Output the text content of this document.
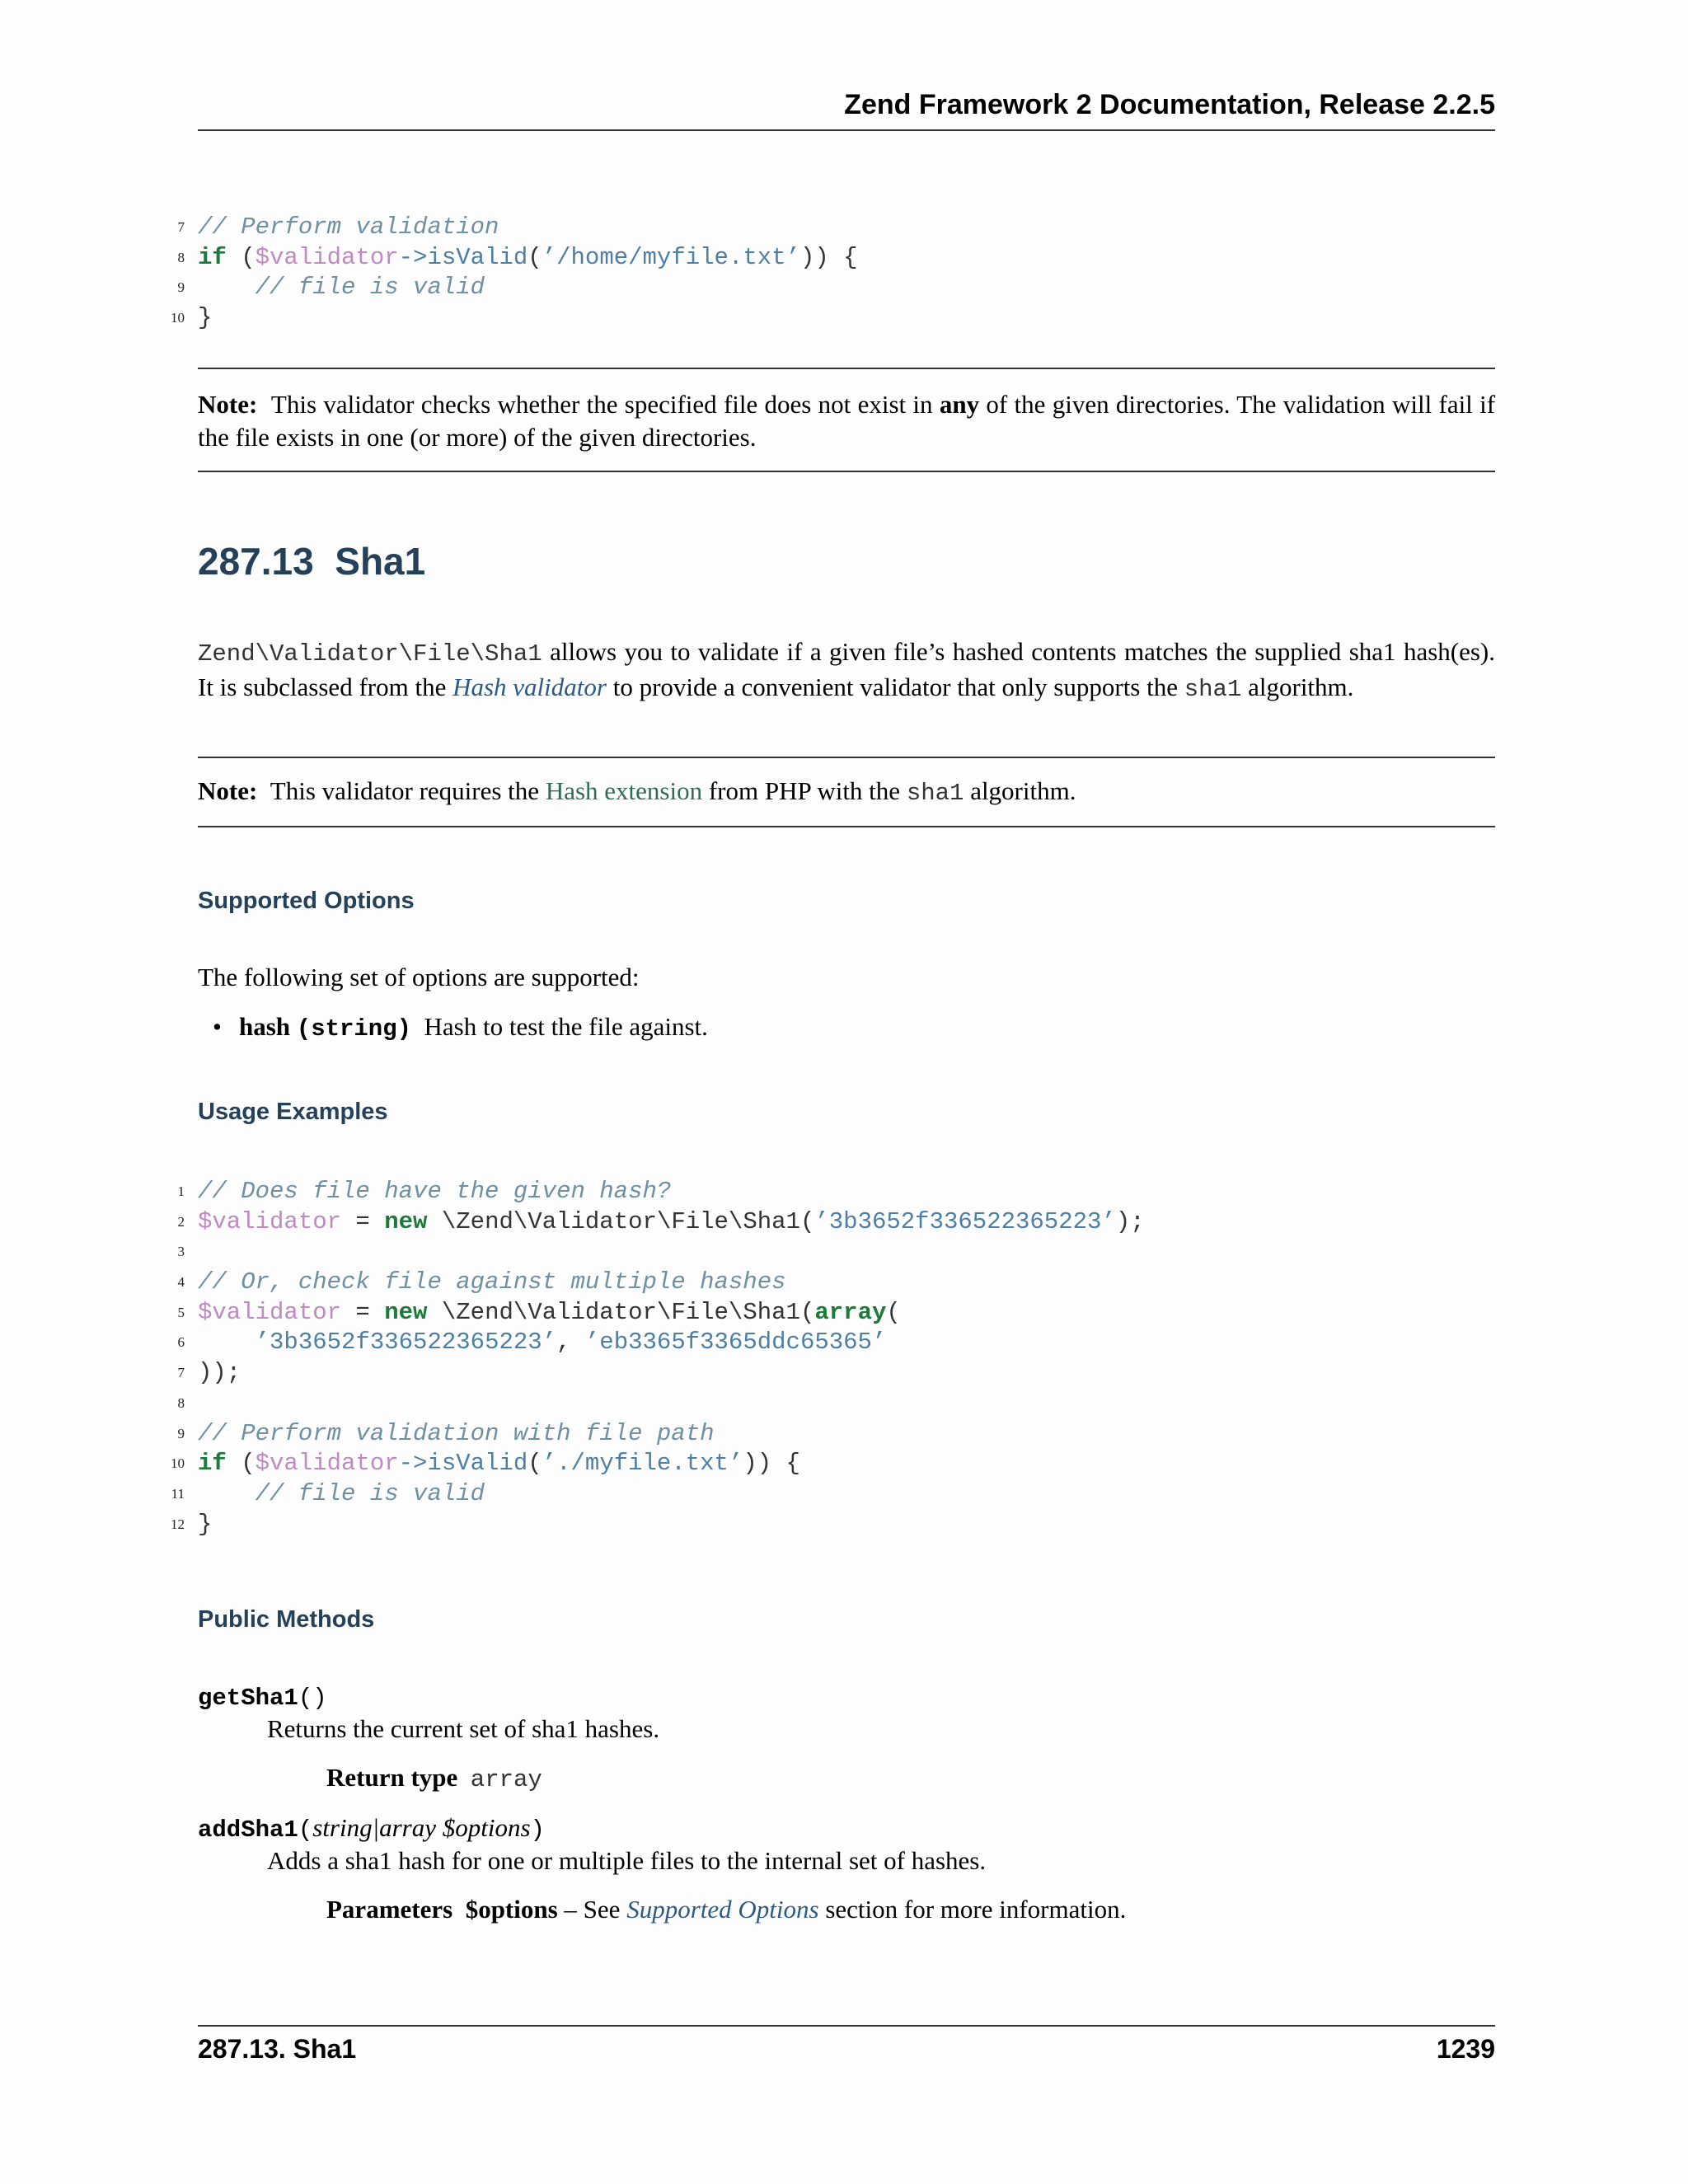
Zend Framework 2 Documentation, Release 2.2.5
7 // Perform validation
8 if ($validator->isValid(’/home/myfile.txt’)) {
9	// file is valid
10 }
Note: This validator checks whether the specified file does not exist in any of the given directories. The validation will fail if the file exists in one (or more) of the given directories.
287.13 Sha1
Zend\Validator\File\Sha1 allows you to validate if a given file’s hashed contents matches the supplied sha1 hash(es). It is subclassed from the Hash validator to provide a convenient validator that only supports the sha1 algorithm.
Note: This validator requires the Hash extension from PHP with the sha1 algorithm.
Supported Options
The following set of options are supported:
• hash (string) Hash to test the file against.
Usage Examples
1 // Does file have the given hash?
2 $validator = new \Zend\Validator\File\Sha1(’3b3652f336522365223’);
3
4 // Or, check file against multiple hashes
5 $validator = new \Zend\Validator\File\Sha1(array(
6	’3b3652f336522365223’, ’eb3365f3365ddc65365’
7 ));
8
9 // Perform validation with file path
10 if ($validator->isValid(’./myfile.txt’)) {
11	// file is valid
12 }
Public Methods
getSha1()
Returns the current set of sha1 hashes.
Return type array
addSha1(string|array $options)
Adds a sha1 hash for one or multiple files to the internal set of hashes.
Parameters $options – See Supported Options section for more information.
287.13. Sha1	1239
